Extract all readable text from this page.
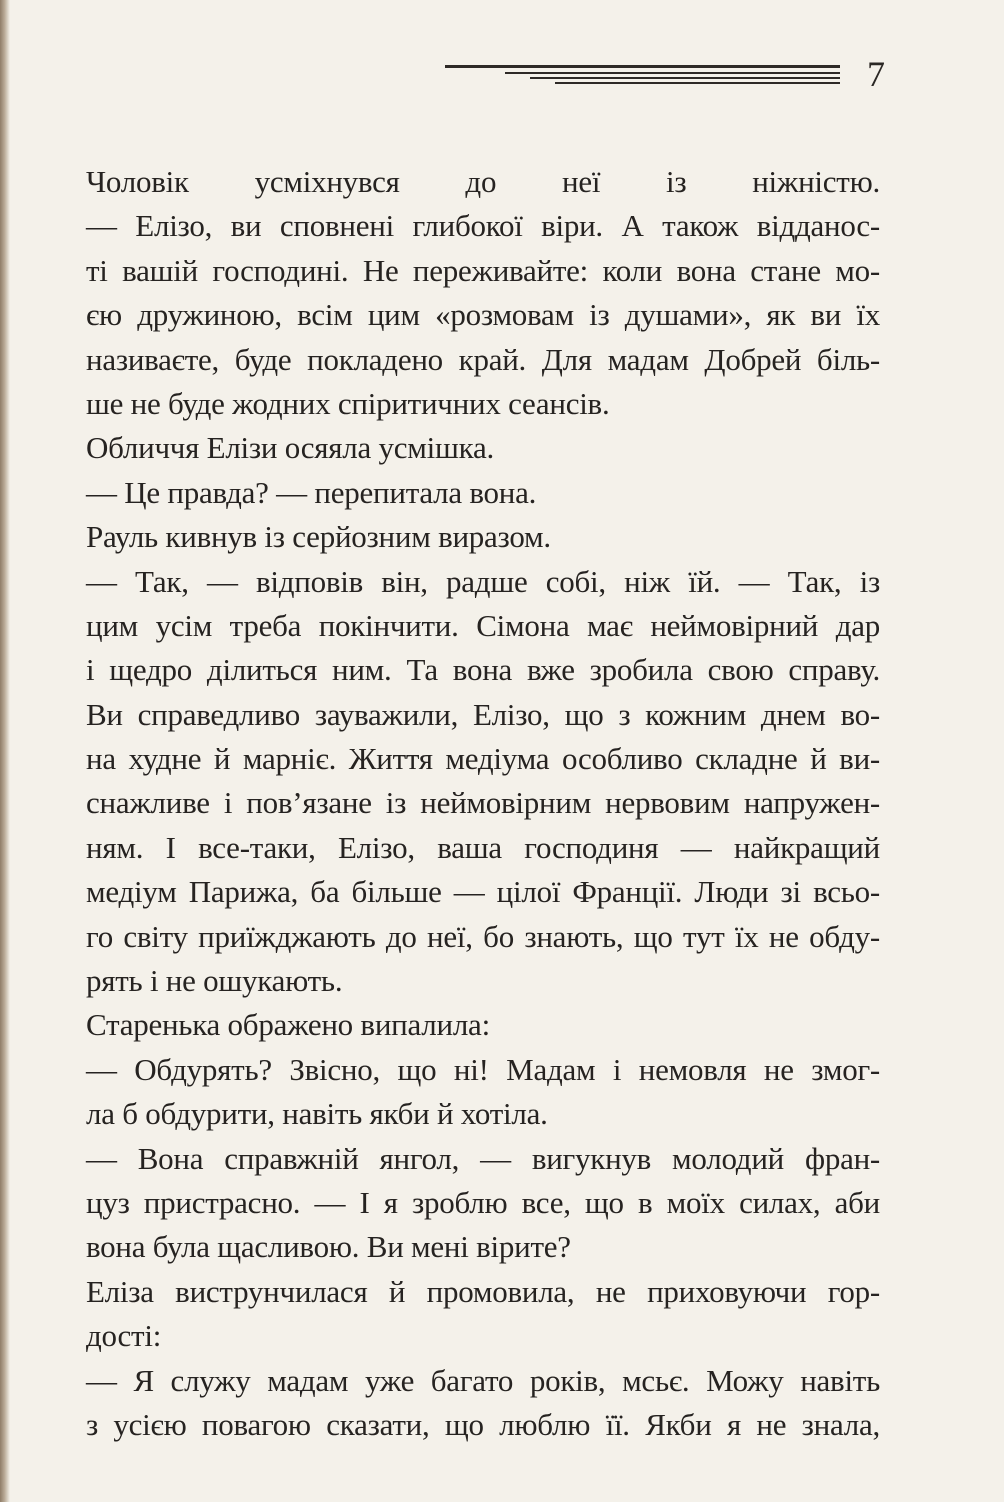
7
Чоловік усміхнувся до неї із ніжністю.
— Елізо, ви сповнені глибокої віри. А також відданос-
ті вашій господині. Не переживайте: коли вона стане мо-
єю дружиною, всім цим «розмовам із душами», як ви їх
називаєте, буде покладено край. Для мадам Добрей біль-
ше не буде жодних спіритичних сеансів.
Обличчя Елізи осяяла усмішка.
— Це правда? — перепитала вона.
Рауль кивнув із серйозним виразом.
— Так, — відповів він, радше собі, ніж їй. — Так, із
цим усім треба покінчити. Сімона має неймовірний дар
і щедро ділиться ним. Та вона вже зробила свою справу.
Ви справедливо зауважили, Елізо, що з кожним днем во-
на худне й марніє. Життя медіума особливо складне й ви-
снажливе і пов’язане із неймовірним нервовим напружен-
ням. І все-таки, Елізо, ваша господиня — найкращий
медіум Парижа, ба більше — цілої Франції. Люди зі всьо-
го світу приїжджають до неї, бо знають, що тут їх не обду-
рять і не ошукають.
Старенька ображено випалила:
— Обдурять? Звісно, що ні! Мадам і немовля не змог-
ла б обдурити, навіть якби й хотіла.
— Вона справжній янгол, — вигукнув молодий фран-
цуз пристрасно. — І я зроблю все, що в моїх силах, аби
вона була щасливою. Ви мені вірите?
Еліза виструнчилася й промовила, не приховуючи гор-
дості:
— Я служу мадам уже багато років, мсьє. Можу навіть
з усією повагою сказати, що люблю її. Якби я не знала,
